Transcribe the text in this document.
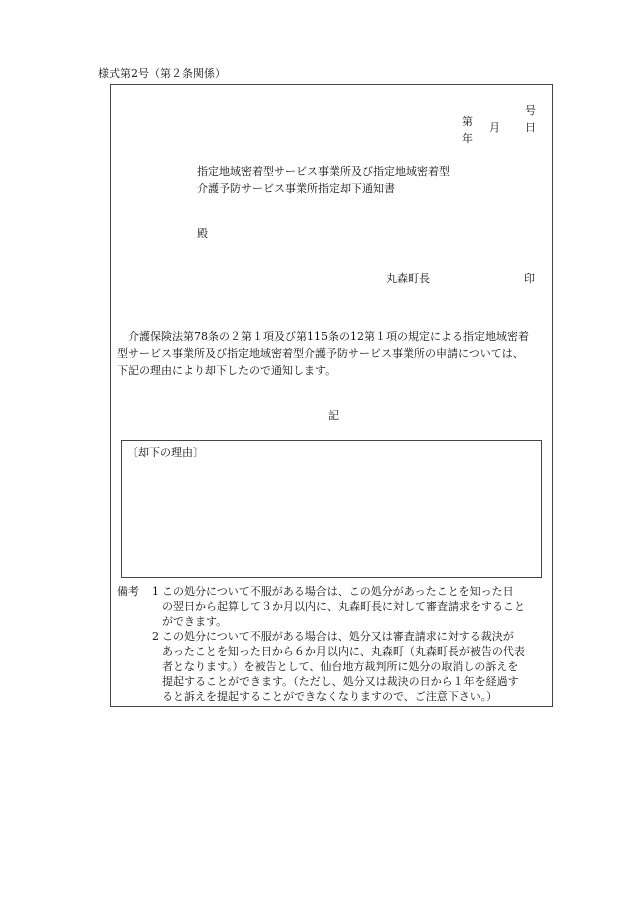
様式第2号（第２条関係）

第

号

年

月

日

指定地域密着型サービス事業所及び指定地域密着型
介護予防サービス事業所指定却下通知書
殿
丸森町長	印
　介護保険法第78条の２第１項及び第115条の12第１項の規定による指定地域密着
型サービス事業所及び指定地域密着型介護予防サービス事業所の申請については、
下記の理由により却下したので通知します。
記
〔却下の理由〕
備考 1 この処分について不服がある場合は、この処分があったことを知った日
の翌日から起算して３か月以内に、丸森町長に対して審査請求をすること
ができます。
2 この処分について不服がある場合は、処分又は審査請求に対する裁決が
あったことを知った日から６か月以内に、丸森町（丸森町長が被告の代表
者となります。）を被告として、仙台地方裁判所に処分の取消しの訴えを
提起することができます。（ただし、処分又は裁決の日から１年を経過す
ると訴えを提起することができなくなりますので、ご注意下さい。）
